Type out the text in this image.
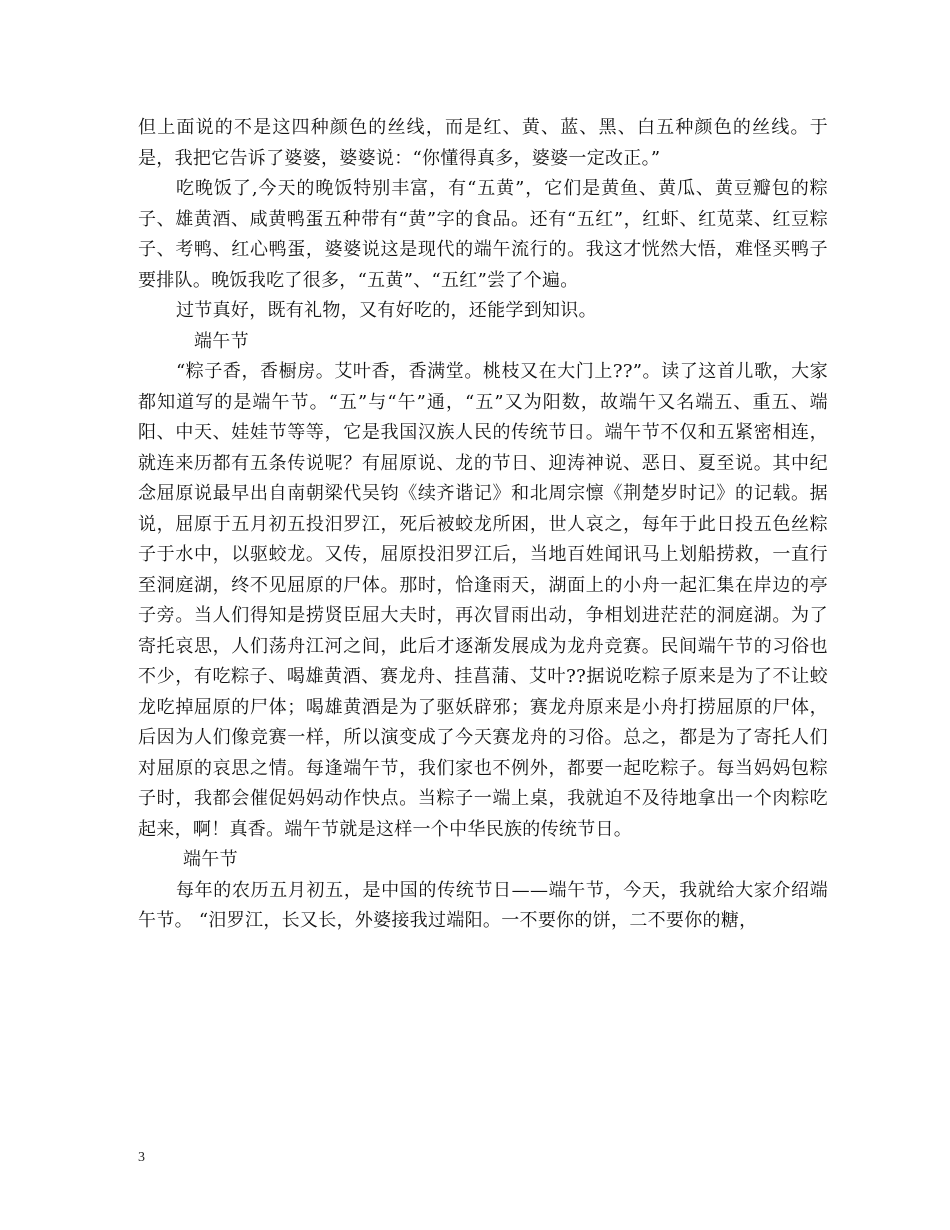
但上面说的不是这四种颜色的丝线，而是红、黄、蓝、黑、白五种颜色的丝线。于是，我把它告诉了婆婆，婆婆说：“你懂得真多，婆婆一定改正。”

吃晚饭了,今天的晚饭特别丰富，有“五黄”，它们是黄鱼、黄瓜、黄豆瓣包的粽子、雄黄酒、咸黄鸭蛋五种带有“黄”字的食品。还有“五红”，红虾、红苋菜、红豆粽子、考鸭、红心鸭蛋，婆婆说这是现代的端午流行的。我这才恍然大悟，难怪买鸭子要排队。晚饭我吃了很多，“五黄”、“五红”尝了个遍。

过节真好，既有礼物，又有好吃的，还能学到知识。

端午节

“粽子香，香橱房。艾叶香，香满堂。桃枝又在大门上??”。读了这首儿歌，大家都知道写的是端午节。“五”与“午”通，“五”又为阳数，故端午又名端五、重五、端阳、中天、娃娃节等等，它是我国汉族人民的传统节日。端午节不仅和五紧密相连，就连来历都有五条传说呢？有屈原说、龙的节日、迎涛神说、恶日、夏至说。其中纪念屈原说最早出自南朝梁代吴钧《续齐谐记》和北周宗懔《荆楚岁时记》的记载。据说，屈原于五月初五投汨罗江，死后被蛟龙所困，世人哀之，每年于此日投五色丝粽子于水中，以驱蛟龙。又传，屈原投汨罗江后，当地百姓闻讯马上划船捞救，一直行至洞庭湖，终不见屈原的尸体。那时，恰逢雨天，湖面上的小舟一起汇集在岸边的亭子旁。当人们得知是捞贤臣屈大夫时，再次冒雨出动，争相划进茫茫的洞庭湖。为了寄托哀思，人们荡舟江河之间，此后才逐渐发展成为龙舟竞赛。民间端午节的习俗也不少，有吃粽子、喝雄黄酒、赛龙舟、挂菖蒲、艾叶??据说吃粽子原来是为了不让蛟龙吃掉屈原的尸体；喝雄黄酒是为了驱妖辟邪；赛龙舟原来是小舟打捞屈原的尸体，后因为人们像竞赛一样，所以演变成了今天赛龙舟的习俗。总之，都是为了寄托人们对屈原的哀思之情。每逢端午节，我们家也不例外，都要一起吃粽子。每当妈妈包粽子时，我都会催促妈妈动作快点。当粽子一端上桌，我就迫不及待地拿出一个肉粽吃起来，啊！真香。端午节就是这样一个中华民族的传统节日。

端午节

每年的农历五月初五，是中国的传统节日——端午节，今天，我就给大家介绍端午节。 “汨罗江，长又长，外婆接我过端阳。一不要你的饼，二不要你的糖，

3
